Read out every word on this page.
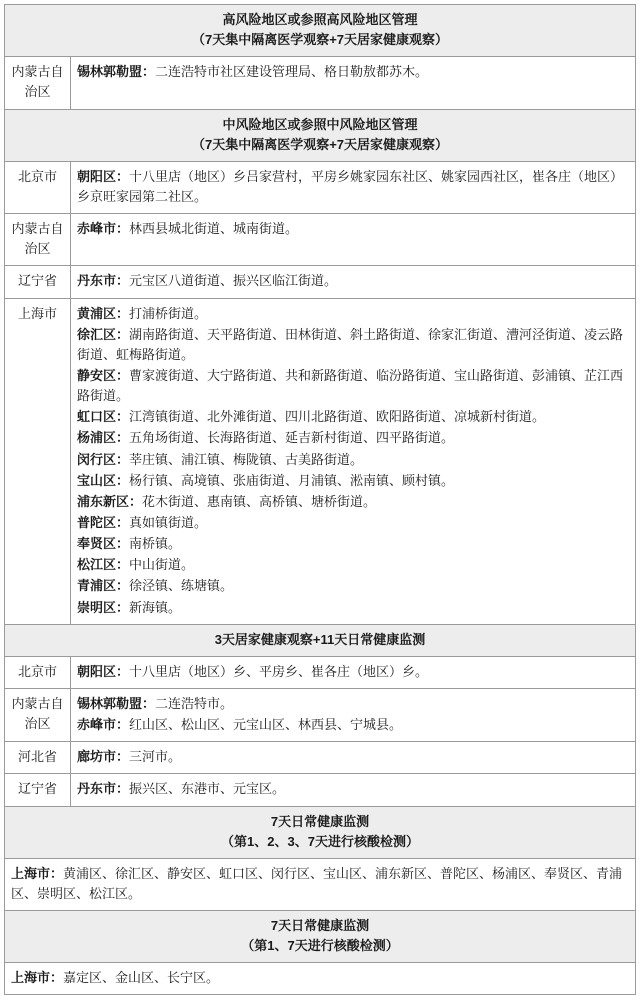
高风险地区或参照高风险地区管理
（7天集中隔离医学观察+7天居家健康观察）	

内蒙古自治区	锡林郭勒盟：二连浩特市社区建设管理局、格日勒敖都苏木。

中风险地区或参照中风险地区管理
（7天集中隔离医学观察+7天居家健康观察）	

北京市	朝阳区：十八里店（地区）乡吕家营村，平房乡姚家园东社区、姚家园西社区，崔各庄（地区）乡京旺家园第二社区。

内蒙古自治区	赤峰市：林西县城北街道、城南街道。

辽宁省	丹东市：元宝区八道街道、振兴区临江街道。

上海市	黄浦区：打浦桥街道。
徐汇区：湖南路街道、天平路街道、田林街道、斜土路街道、徐家汇街道、漕河泾街道、凌云路街道、虹梅路街道。
静安区：曹家渡街道、大宁路街道、共和新路街道、临汾路街道、宝山路街道、彭浦镇、芷江西路街道。
虹口区：江湾镇街道、北外滩街道、四川北路街道、欧阳路街道、凉城新村街道。
杨浦区：五角场街道、长海路街道、延吉新村街道、四平路街道。
闵行区：莘庄镇、浦江镇、梅陇镇、古美路街道。
宝山区：杨行镇、高境镇、张庙街道、月浦镇、淞南镇、顾村镇。
浦东新区：花木街道、惠南镇、高桥镇、塘桥街道。
普陀区：真如镇街道。
奉贤区：南桥镇。
松江区：中山街道。
青浦区：徐泾镇、练塘镇。
崇明区：新海镇。

3天居家健康观察+11天日常健康监测	

北京市	朝阳区：十八里店（地区）乡、平房乡、崔各庄（地区）乡。

内蒙古自治区	锡林郭勒盟：二连浩特市。
赤峰市：红山区、松山区、元宝山区、林西县、宁城县。

河北省	廊坊市：三河市。

辽宁省	丹东市：振兴区、东港市、元宝区。

7天日常健康监测
（第1、2、3、7天进行核酸检测）	

上海市：黄浦区、徐汇区、静安区、虹口区、闵行区、宝山区、浦东新区、普陀区、杨浦区、奉贤区、青浦区、崇明区、松江区。	

7天日常健康监测
（第1、7天进行核酸检测）	

上海市：嘉定区、金山区、长宁区。	
